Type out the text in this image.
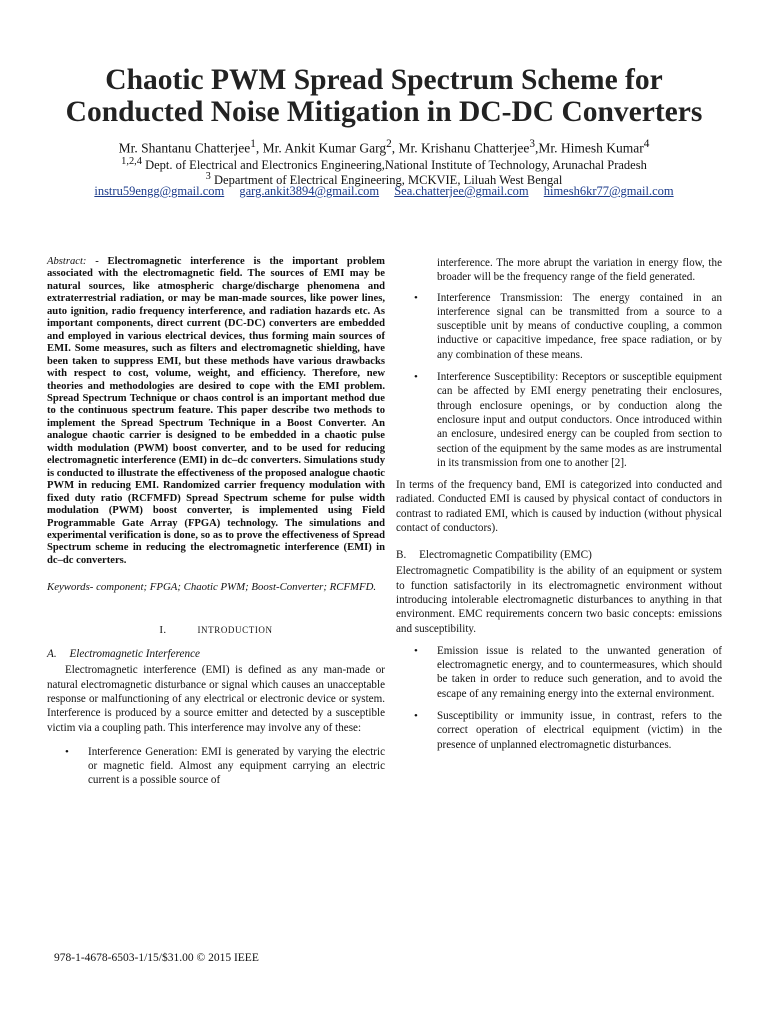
Chaotic PWM Spread Spectrum Scheme for
Conducted Noise Mitigation in DC-DC Converters
Mr. Shantanu Chatterjee$^1$, Mr. Ankit Kumar Garg$^2$, Mr. Krishanu Chatterjee$^3$,Mr. Himesh Kumar$^4$
$^{1,2,4}$ Dept. of Electrical and Electronics Engineering,National Institute of Technology, Arunachal Pradesh
$^3$ Department of Electrical Engineering, MCKVIE, Liluah West Bengal
instru59engg@gmail.com garg.ankit3894@gmail.com Sea.chatterjee@gmail.com himesh6kr77@gmail.com

Abstract: - Electromagnetic interference is the important problem associated with the electromagnetic field. The sources of EMI may be natural sources, like atmospheric charge/discharge phenomena and extraterrestrial radiation, or may be man-made sources, like power lines, auto ignition, radio frequency interference, and radiation hazards etc. As important components, direct current (DC-DC) converters are embedded and employed in various electrical devices, thus forming main sources of EMI. Some measures, such as filters and electromagnetic shielding, have been taken to suppress EMI, but these methods have various drawbacks with respect to cost, volume, weight, and efficiency. Therefore, new theories and methodologies are desired to cope with the EMI problem. Spread Spectrum Technique or chaos control is an important method due to the continuous spectrum feature. This paper describe two methods to implement the Spread Spectrum Technique in a Boost Converter. An analogue chaotic carrier is designed to be embedded in a chaotic pulse width modulation (PWM) boost converter, and to be used for reducing electromagnetic interference (EMI) in dc–dc converters. Simulations study is conducted to illustrate the effectiveness of the proposed analogue chaotic PWM in reducing EMI. Randomized carrier frequency modulation with fixed duty ratio (RCFMFD) Spread Spectrum scheme for pulse width modulation (PWM) boost converter, is implemented using Field Programmable Gate Array (FPGA) technology. The simulations and experimental verification is done, so as to prove the effectiveness of Spread Spectrum scheme in reducing the electromagnetic interference (EMI) in dc–dc converters.

Keywords- component; FPGA; Chaotic PWM; Boost-Converter; RCFMFD.

I.	INTRODUCTION
A. Electromagnetic Interference

Electromagnetic interference (EMI) is defined as any man-made or natural electromagnetic disturbance or signal which causes an unacceptable response or malfunctioning of any electrical or electronic device or system. Interference is produced by a source emitter and detected by a susceptible victim via a coupling path. This interference may involve any of these:

• Interference Generation: EMI is generated by varying the electric or magnetic field. Almost any equipment carrying an electric current is a possible source of

interference. The more abrupt the variation in energy flow, the broader will be the frequency range of the field generated.

• Interference Transmission: The energy contained in an interference signal can be transmitted from a source to a susceptible unit by means of conductive coupling, a common inductive or capacitive impedance, free space radiation, or by any combination of these means.
• Interference Susceptibility: Receptors or susceptible equipment can be affected by EMI energy penetrating their enclosures, through enclosure openings, or by conduction along the enclosure input and output conductors. Once introduced within an enclosure, undesired energy can be coupled from section to section of the equipment by the same modes as are instrumental in its transmission from one to another [2].

In terms of the frequency band, EMI is categorized into conducted and radiated. Conducted EMI is caused by physical contact of conductors in contrast to radiated EMI, which is caused by induction (without physical contact of conductors).

B. Electromagnetic Compatibility (EMC)

Electromagnetic Compatibility is the ability of an equipment or system to function satisfactorily in its electromagnetic environment without introducing intolerable electromagnetic disturbances to anything in that environment. EMC requirements concern two basic concepts: emissions and susceptibility.

• Emission issue is related to the unwanted generation of electromagnetic energy, and to countermeasures, which should be taken in order to reduce such generation, and to avoid the escape of any remaining energy into the external environment.
• Susceptibility or immunity issue, in contrast, refers to the correct operation of electrical equipment (victim) in the presence of unplanned electromagnetic disturbances.
978-1-4678-6503-1/15/$31.00 © 2015 IEEE
